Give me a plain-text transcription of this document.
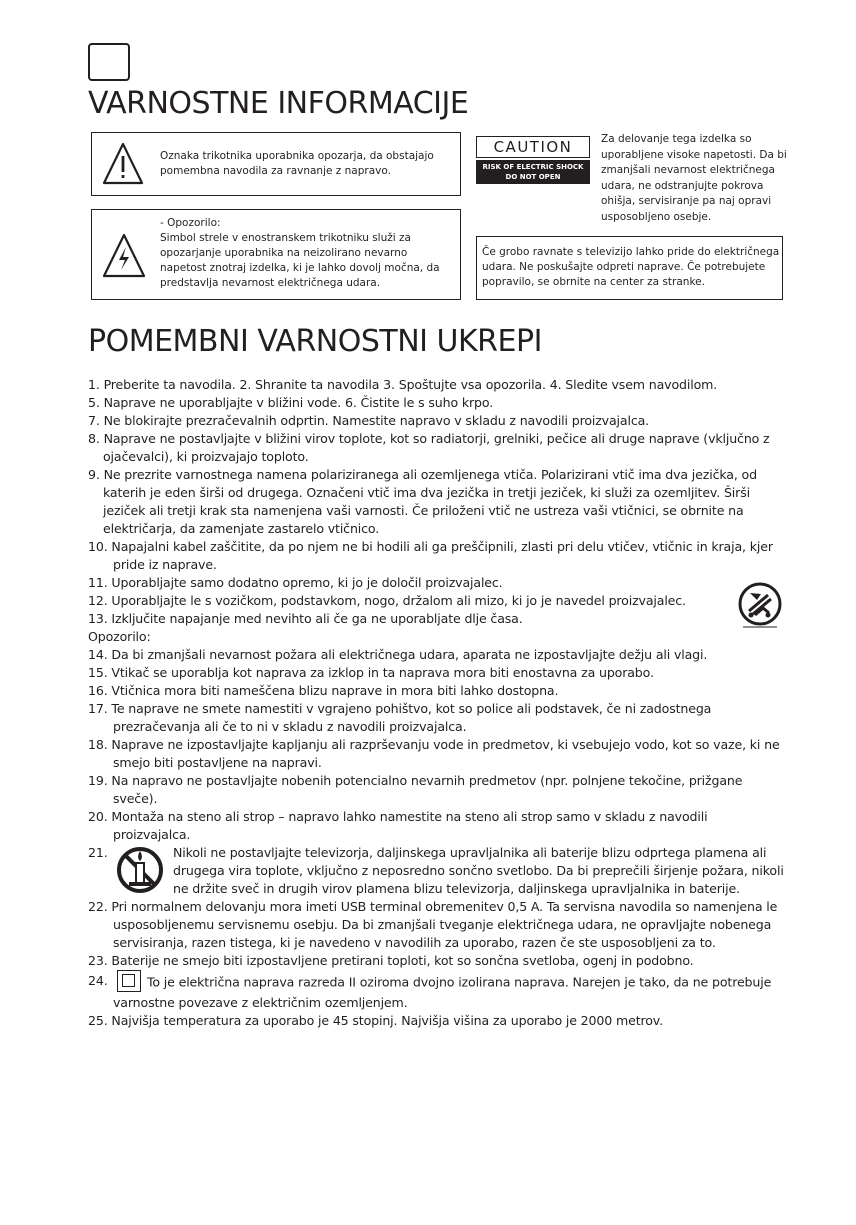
VARNOSTNE INFORMACIJE
Oznaka trikotnika uporabnika opozarja, da obstajajo pomembna navodila za ravnanje z napravo.
- Opozorilo:
Simbol strele v enostranskem trikotniku služi za opozarjanje uporabnika na neizolirano nevarno napetost znotraj izdelka, ki je lahko dovolj močna, da predstavlja nevarnost električnega udara.
CAUTION
RISK OF ELECTRIC SHOCK
DO NOT OPEN
Za delovanje tega izdelka so uporabljene visoke napetosti. Da bi zmanjšali nevarnost električnega udara, ne odstranjujte pokrova ohišja, servisiranje pa naj opravi usposobljeno osebje.
Če grobo ravnate s televizijo lahko pride do električnega udara. Ne poskušajte odpreti naprave. Če potrebujete popravilo, se obrnite na center za stranke.
POMEMBNI VARNOSTNI UKREPI
1. Preberite ta navodila. 2. Shranite ta navodila 3. Spoštujte vsa opozorila. 4. Sledite vsem navodilom.
5. Naprave ne uporabljajte v bližini vode. 6. Čistite le s suho krpo.
7. Ne blokirajte prezračevalnih odprtin. Namestite napravo v skladu z navodili proizvajalca.
8. Naprave ne postavljajte v bližini virov toplote, kot so radiatorji, grelniki, pečice ali druge naprave (vključno z ojačevalci), ki proizvajajo toploto.
9. Ne prezrite varnostnega namena polariziranega ali ozemljenega vtiča. Polarizirani vtič ima dva jezička, od katerih je eden širši od drugega. Označeni vtič ima dva jezička in tretji jeziček, ki služi za ozemljitev. Širši jeziček ali tretji krak sta namenjena vaši varnosti. Če priloženi vtič ne ustreza vaši vtičnici, se obrnite na električarja, da zamenjate zastarelo vtičnico.
10. Napajalni kabel zaščitite, da po njem ne bi hodili ali ga preščipnili, zlasti pri delu vtičev, vtičnic in kraja, kjer pride iz naprave.
11. Uporabljajte samo dodatno opremo, ki jo je določil proizvajalec.
12. Uporabljajte le s vozičkom, podstavkom, nogo, držalom ali mizo, ki jo je navedel proizvajalec.
13. Izključite napajanje med nevihto ali če ga ne uporabljate dlje časa.
Opozorilo:
14. Da bi zmanjšali nevarnost požara ali električnega udara, aparata ne izpostavljajte dežju ali vlagi.
15. Vtikač se uporablja kot naprava za izklop in ta naprava mora biti enostavna za uporabo.
16. Vtičnica mora biti nameščena blizu naprave in mora biti lahko dostopna.
17. Te naprave ne smete namestiti v vgrajeno pohištvo, kot so police ali podstavek, če ni zadostnega prezračevanja ali če to ni v skladu z navodili proizvajalca.
18. Naprave ne izpostavljajte kapljanju ali razprševanju vode in predmetov, ki vsebujejo vodo, kot so vaze, ki ne smejo biti postavljene na napravi.
19. Na napravo ne postavljajte nobenih potencialno nevarnih predmetov (npr. polnjene tekočine, prižgane sveče).
20. Montaža na steno ali strop – napravo lahko namestite na steno ali strop samo v skladu z navodili proizvajalca.
21.	Nikoli ne postavljajte televizorja, daljinskega upravljalnika ali baterije blizu odprtega plamena ali drugega vira toplote, vključno z neposredno sončno svetlobo. Da bi preprečili širjenje požara, nikoli ne držite sveč in drugih virov plamena blizu televizorja, daljinskega upravljalnika in baterije.
22. Pri normalnem delovanju mora imeti USB terminal obremenitev 0,5 A. Ta servisna navodila so namenjena le usposobljenemu servisnemu osebju. Da bi zmanjšali tveganje električnega udara, ne opravljajte nobenega servisiranja, razen tistega, ki je navedeno v navodilih za uporabo, razen če ste usposobljeni za to.
23. Baterije ne smejo biti izpostavljene pretirani toploti, kot so sončna svetloba, ogenj in podobno.
24.	To je električna naprava razreda II oziroma dvojno izolirana naprava. Narejen je tako, da ne potrebuje varnostne povezave z električnim ozemljenjem.
25. Najvišja temperatura za uporabo je 45 stopinj. Najvišja višina za uporabo je 2000 metrov.
